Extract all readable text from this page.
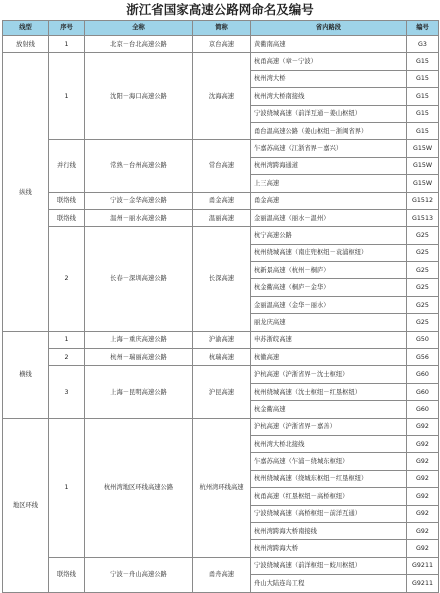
浙江省国家高速公路网命名及编号
线型	序号	全称	简称	省内路段	编号
放射线	1	北京－台北高速公路	京台高速	黄衢南高速	G3
纵线	1	沈阳－海口高速公路	沈海高速	杭甬高速（章－宁波）	G15
				杭州湾大桥	G15
				杭州湾大桥南接线	G15
				宁波绕城高速（前洋互通－姜山枢纽）	G15
				甬台温高速公路（姜山枢纽－浙闽省界）	G15
	并行线	常熟－台州高速公路	常台高速	乍嘉苏高速（江浙省界－嘉兴）	G15W
				杭州湾跨海通道	G15W
				上三高速	G15W
	联络线	宁波－金华高速公路	甬金高速	甬金高速	G1512
	联络线	温州－丽水高速公路	温丽高速	金丽温高速（丽水－温州）	G1513
	2	长春－深圳高速公路	长深高速	杭宁高速公路	G25
				杭州绕城高速（南庄兜枢纽－袁浦枢纽）	G25
				杭新景高速（杭州－桐庐）	G25
				杭金衢高速（桐庐－金华）	G25
				金丽温高速（金华－丽水）	G25
				丽龙庆高速	G25
横线	1	上海－重庆高速公路	沪渝高速	申苏浙皖高速	G50
	2	杭州－瑞丽高速公路	杭瑞高速	杭徽高速	G56
	3	上海－昆明高速公路	沪昆高速	沪杭高速（沪浙省界－沈士枢纽）	G60
				杭州绕城高速（沈士枢纽－红垦枢纽）	G60
				杭金衢高速	G60
地区环线	1	杭州湾地区环线高速公路	杭州湾环线高速	沪杭高速（沪浙省界－嘉善）	G92
				杭州湾大桥北接线	G92
				乍嘉苏高速（乍浦－绕城东枢纽）	G92
				杭州绕城高速（绕城东枢纽－红垦枢纽）	G92
				杭甬高速（红垦枢纽－高桥枢纽）	G92
				宁波绕城高速（高桥枢纽－前洋互通）	G92
				杭州湾跨海大桥南接线	G92
				杭州湾跨海大桥	G92
	联络线	宁波－舟山高速公路	甬舟高速	宁波绕城高速（前洋枢纽－蛟川枢纽）	G9211
				舟山大陆连岛工程	G9211
